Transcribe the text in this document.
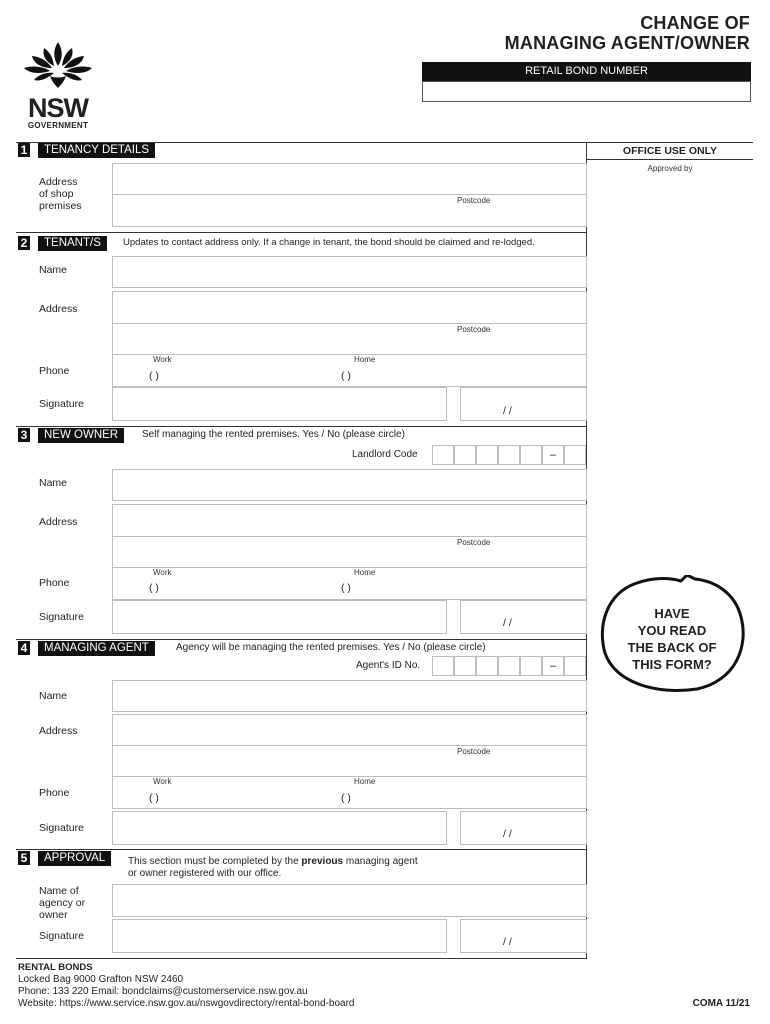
NSW
GOVERNMENT
CHANGE OF
MANAGING AGENT/OWNER
RETAIL BOND NUMBER
OFFICE USE ONLY
Approved by
1	TENANCY DETAILS
Address
of shop
premises	Postcode
2	TENANT/S	Updates to contact address only. If a change in tenant, the bond should be claimed and re-lodged.
Name
Address
Postcode
Phone
Work	Home
( )	( )
Signature
/ /
3	NEW OWNER	Self managing the rented premises. Yes / No (please circle)
Landlord Code	–
Name
Address
Postcode
Phone
Work	Home
( )	( )
Signature	/ /
4	MANAGING AGENT	Agency will be managing the rented premises. Yes / No (please circle)
Agent's ID No.	–
Name
Address
Postcode
Phone
Work	Home
( )	( )
Signature	/ /
5	APPROVAL	This section must be completed by the previous managing agent
or owner registered with our office.
Name of
agency or
owner
Signature	/ /
HAVE
YOU READ
THE BACK OF
THIS FORM?
RENTAL BONDS
Locked Bag 9000 Grafton NSW 2460
Phone: 133 220 Email: bondclaims@customerservice.nsw.gov.au
Website: https://www.service.nsw.gov.au/nswgovdirectory/rental-bond-board	COMA 11/21
